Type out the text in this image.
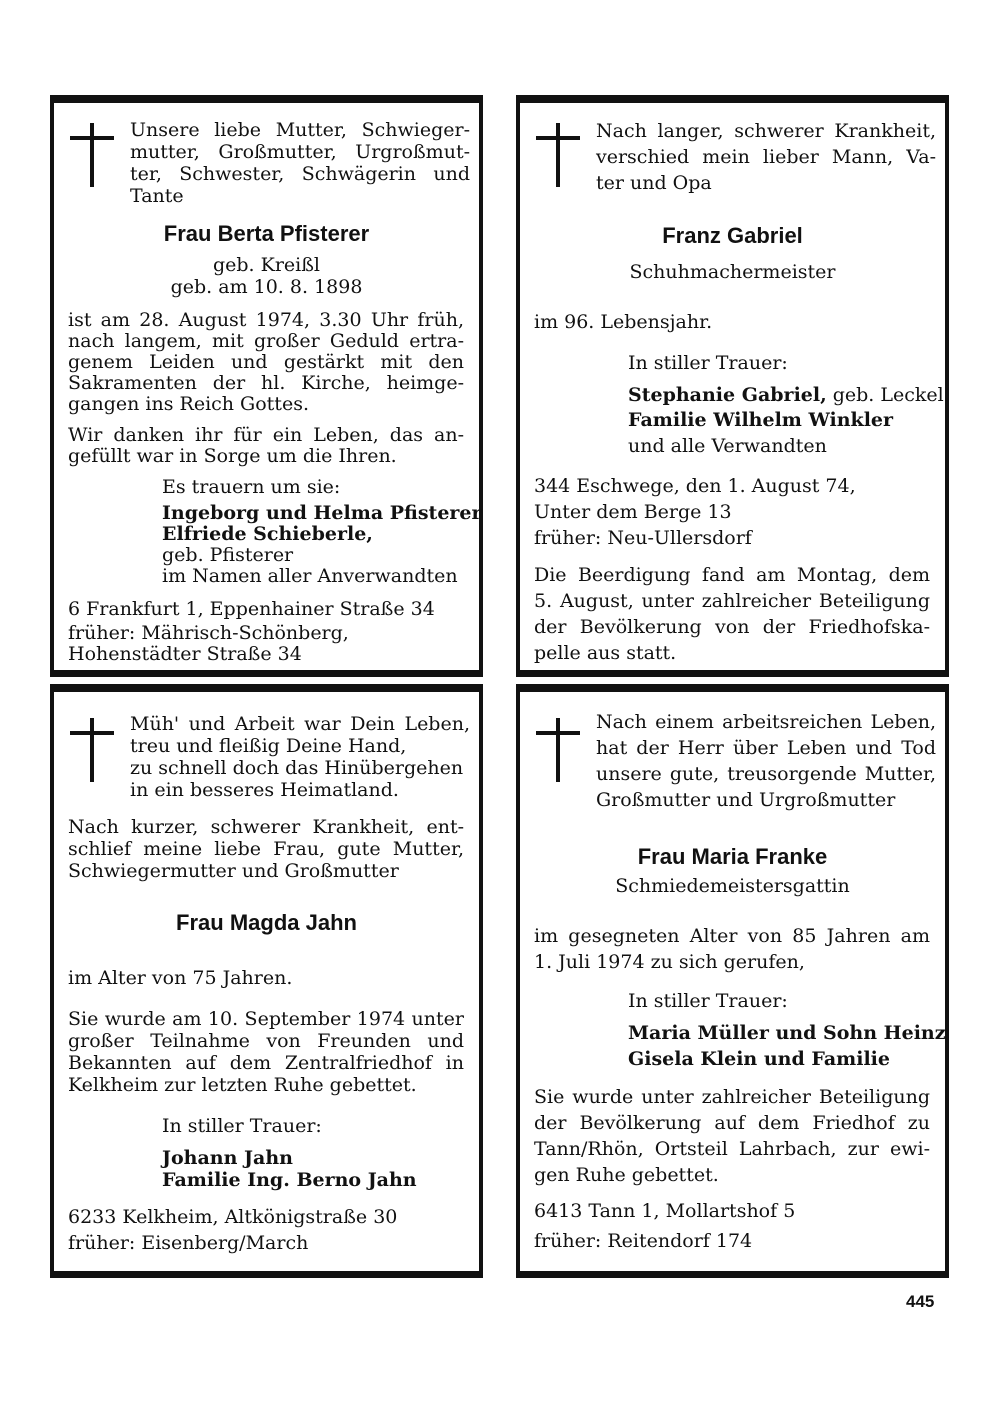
Unsere liebe Mutter, Schwieger-

mutter, Großmutter, Urgroßmut-

ter, Schwester, Schwägerin und

Tante

Frau Berta Pfisterer

geb. Kreißl

geb. am 10. 8. 1898

ist am 28. August 1974, 3.30 Uhr früh,

nach langem, mit großer Geduld ertra-

genem Leiden und gestärkt mit den

Sakramenten der hl. Kirche, heimge-

gangen ins Reich Gottes.

Wir danken ihr für ein Leben, das an-

gefüllt war in Sorge um die Ihren.

Es trauern um sie:

Ingeborg und Helma Pfisterer

Elfriede Schieberle,

geb. Pfisterer

im Namen aller Anverwandten

6 Frankfurt 1, Eppenhainer Straße 34

früher: Mährisch-Schönberg,

Hohenstädter Straße 34

Nach langer, schwerer Krankheit,

verschied mein lieber Mann, Va-

ter und Opa

Franz Gabriel

Schuhmachermeister

im 96. Lebensjahr.

In stiller Trauer:

Stephanie Gabriel, geb. Leckel

Familie Wilhelm Winkler

und alle Verwandten

344 Eschwege, den 1. August 74,

Unter dem Berge 13

früher: Neu-Ullersdorf

Die Beerdigung fand am Montag, dem

5. August, unter zahlreicher Beteiligung

der Bevölkerung von der Friedhofska-

pelle aus statt.

Müh' und Arbeit war Dein Leben,

treu und fleißig Deine Hand,

zu schnell doch das Hinübergehen

in ein besseres Heimatland.

Nach kurzer, schwerer Krankheit, ent-

schlief meine liebe Frau, gute Mutter,

Schwiegermutter und Großmutter

Frau Magda Jahn

im Alter von 75 Jahren.

Sie wurde am 10. September 1974 unter

großer Teilnahme von Freunden und

Bekannten auf dem Zentralfriedhof in

Kelkheim zur letzten Ruhe gebettet.

In stiller Trauer:

Johann Jahn

Familie Ing. Berno Jahn

6233 Kelkheim, Altkönigstraße 30

früher: Eisenberg/March

Nach einem arbeitsreichen Leben,

hat der Herr über Leben und Tod

unsere gute, treusorgende Mutter,

Großmutter und Urgroßmutter

Frau Maria Franke

Schmiedemeistersgattin

im gesegneten Alter von 85 Jahren am

1. Juli 1974 zu sich gerufen,

In stiller Trauer:

Maria Müller und Sohn Heinz

Gisela Klein und Familie

Sie wurde unter zahlreicher Beteiligung

der Bevölkerung auf dem Friedhof zu

Tann/Rhön, Ortsteil Lahrbach, zur ewi-

gen Ruhe gebettet.

6413 Tann 1, Mollartshof 5

früher: Reitendorf 174

445
